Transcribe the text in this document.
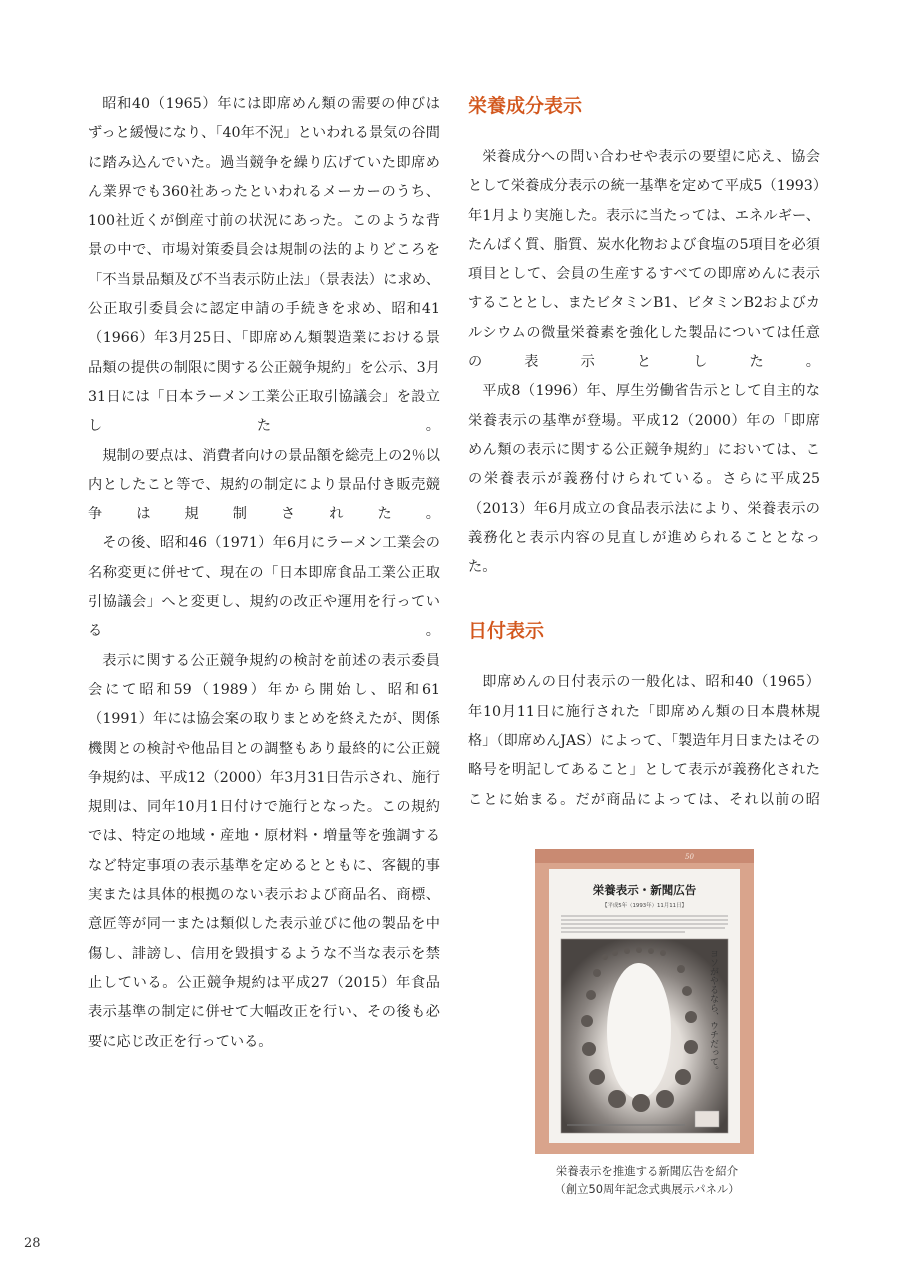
昭和40（1965）年には即席めん類の需要の伸びはずっと緩慢になり、「40年不況」といわれる景気の谷間に踏み込んでいた。過当競争を繰り広げていた即席めん業界でも360社あったといわれるメーカーのうち、100社近くが倒産寸前の状況にあった。このような背景の中で、市場対策委員会は規制の法的よりどころを「不当景品類及び不当表示防止法」（景表法）に求め、公正取引委員会に認定申請の手続きを求め、昭和41（1966）年3月25日、「即席めん類製造業における景品類の提供の制限に関する公正競争規約」を公示、3月31日には「日本ラーメン工業公正取引協議会」を設立した。

規制の要点は、消費者向けの景品額を総売上の2％以内としたこと等で、規約の制定により景品付き販売競争は規制された。

その後、昭和46（1971）年6月にラーメン工業会の名称変更に併せて、現在の「日本即席食品工業公正取引協議会」へと変更し、規約の改正や運用を行っている。

表示に関する公正競争規約の検討を前述の表示委員会にて昭和59（1989）年から開始し、昭和61（1991）年には協会案の取りまとめを終えたが、関係機関との検討や他品目との調整もあり最終的に公正競争規約は、平成12（2000）年3月31日告示され、施行規則は、同年10月1日付けで施行となった。この規約では、特定の地域・産地・原材料・増量等を強調するなど特定事項の表示基準を定めるとともに、客観的事実または具体的根拠のない表示および商品名、商標、意匠等が同一または類似した表示並びに他の製品を中傷し、誹謗し、信用を毀損するような不当な表示を禁止している。公正競争規約は平成27（2015）年食品表示基準の制定に併せて大幅改正を行い、その後も必要に応じ改正を行っている。

栄養成分表示

栄養成分への問い合わせや表示の要望に応え、協会として栄養成分表示の統一基準を定めて平成5（1993）年1月より実施した。表示に当たっては、エネルギー、たんぱく質、脂質、炭水化物および食塩の5項目を必須項目として、会員の生産するすべての即席めんに表示することとし、またビタミンB1、ビタミンB2およびカルシウムの微量栄養素を強化した製品については任意の表示とした。

平成8（1996）年、厚生労働省告示として自主的な栄養表示の基準が登場。平成12（2000）年の「即席めん類の表示に関する公正競争規約」においては、この栄養表示が義務付けられている。さらに平成25（2013）年6月成立の食品表示法により、栄養表示の義務化と表示内容の見直しが進められることとなった。

日付表示

即席めんの日付表示の一般化は、昭和40（1965）年10月11日に施行された「即席めん類の日本農林規格」（即席めんJAS）によって、「製造年月日またはその略号を明記してあること」として表示が義務化されたことに始まる。だが商品によっては、それ以前の昭

50
栄養表示・新聞広告
【平成5年（1993年）11月11日】
ヨソがやるなら、ウチだって。
栄養表示を推進する新聞広告を紹介
（創立50周年記念式典展示パネル）
28
